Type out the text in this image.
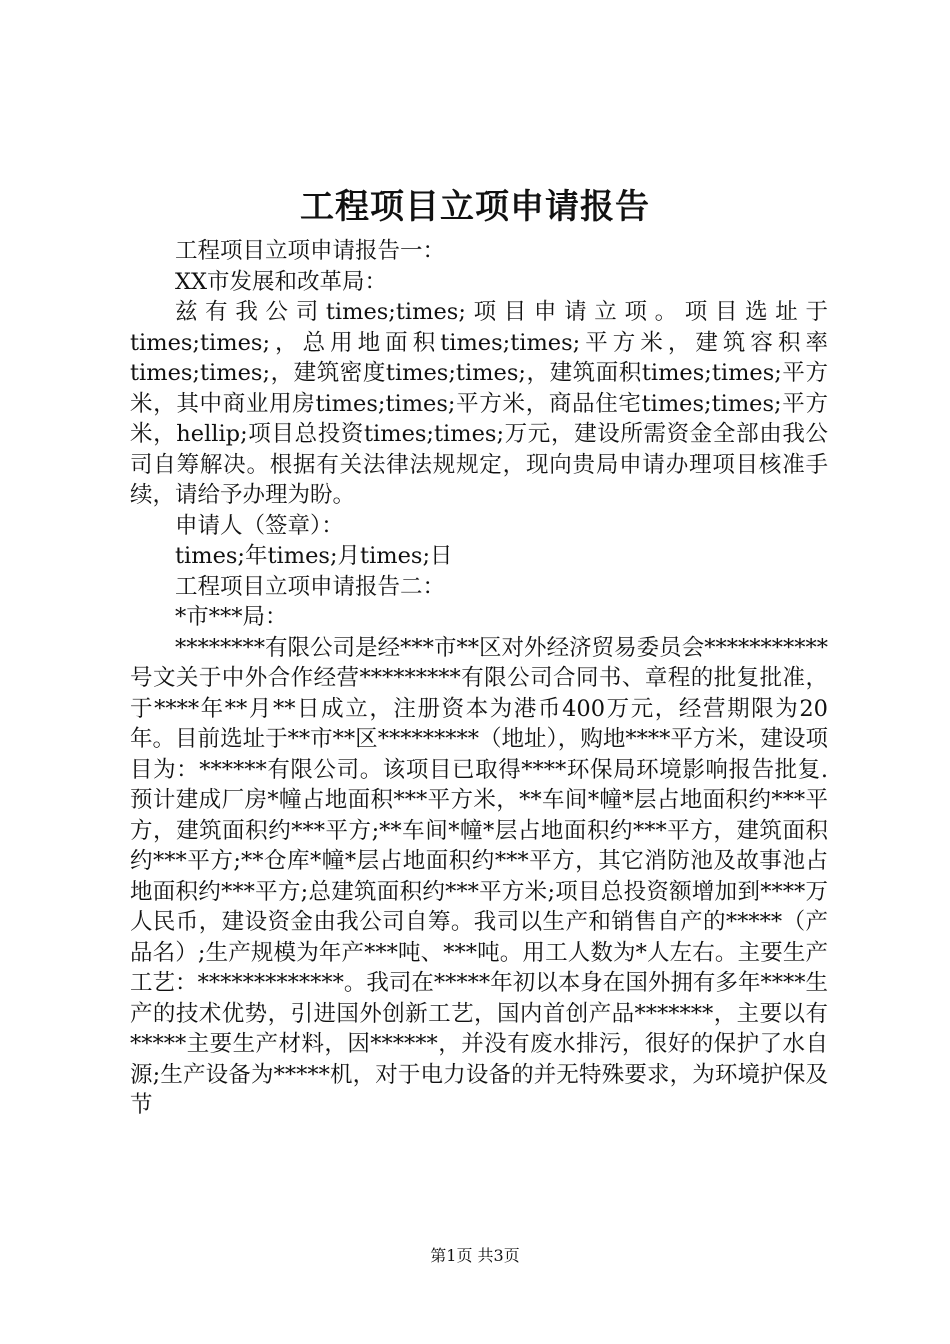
工程项目立项申请报告

工程项目立项申请报告一：

XX市发展和改革局：

兹有我公司times;times;项目申请立项。项目选址于times;times;，总用地面积times;times;平方米，建筑容积率times;times;，建筑密度times;times;，建筑面积times;times;平方米，其中商业用房times;times;平方米，商品住宅times;times;平方米，hellip;项目总投资times;times;万元，建设所需资金全部由我公司自筹解决。根据有关法律法规规定，现向贵局申请办理项目核准手续，请给予办理为盼。

申请人（签章）：

times;年times;月times;日

工程项目立项申请报告二：

*市***局：

********有限公司是经***市**区对外经济贸易委员会***********号文关于中外合作经营*********有限公司合同书、章程的批复批准，于****年**月**日成立，注册资本为港币400万元，经营期限为20年。目前选址于**市**区*********（地址），购地****平方米，建设项目为：******有限公司。该项目已取得****环保局环境影响报告批复.预计建成厂房*幢占地面积***平方米，**车间*幢*层占地面积约***平方，建筑面积约***平方;**车间*幢*层占地面积约***平方，建筑面积约***平方;**仓库*幢*层占地面积约***平方，其它消防池及故事池占地面积约***平方;总建筑面积约***平方米;项目总投资额增加到****万人民币，建设资金由我公司自筹。我司以生产和销售自产的*****（产品名）;生产规模为年产***吨、***吨。用工人数为*人左右。主要生产工艺：*************。我司在*****年初以本身在国外拥有多年****生产的技术优势，引进国外创新工艺，国内首创产品*******，主要以有*****主要生产材料，因******，并没有废水排污，很好的保护了水自源;生产设备为*****机，对于电力设备的并无特殊要求，为环境护保及节

第1页 共3页
